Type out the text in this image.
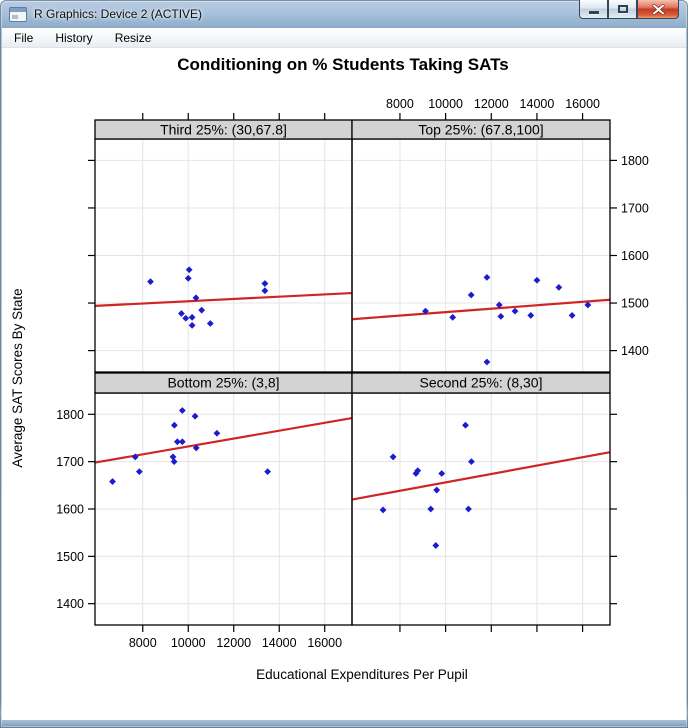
R Graphics: Device 2 (ACTIVE)
File History Resize
Conditioning on % Students Taking SATs
Average SAT Scores By State
Educational Expenditures Per Pupil
Third 25%: (30,67.8]	Top 25%: (67.8,100]
8000 10000 12000 14000 16000
1400
1500
1600
1700
1800
Bottom 25%: (3,8]
8000 10000 12000 14000 16000
1400
1500
1600
1700
1800
Second 25%: (8,30]
